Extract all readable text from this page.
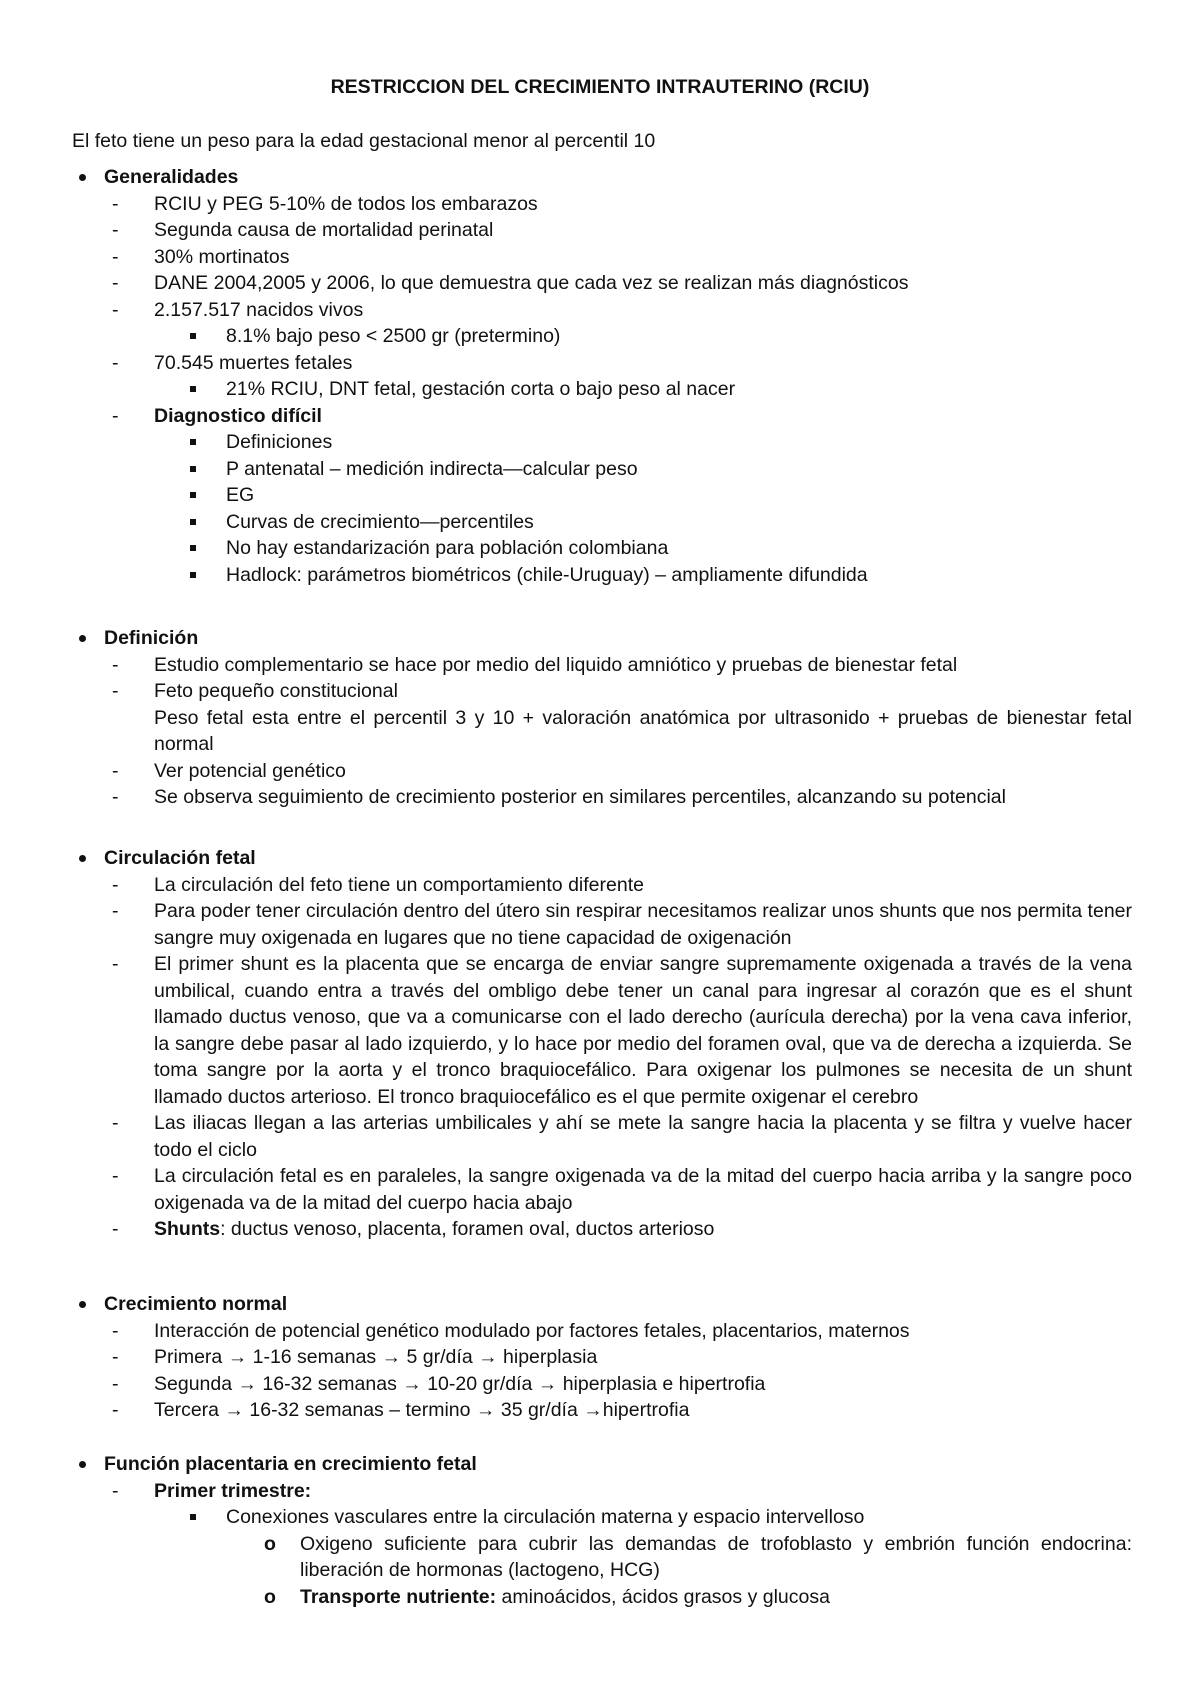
RESTRICCION DEL CRECIMIENTO INTRAUTERINO (RCIU)
El feto tiene un peso para la edad gestacional menor al percentil 10
Generalidades
- RCIU y PEG 5-10% de todos los embarazos
- Segunda causa de mortalidad perinatal
- 30% mortinatos
- DANE 2004,2005 y 2006, lo que demuestra que cada vez se realizan más diagnósticos
- 2.157.517 nacidos vivos
8.1% bajo peso < 2500 gr (pretermino)
- 70.545 muertes fetales
21% RCIU, DNT fetal, gestación corta o bajo peso al nacer
- Diagnostico difícil
Definiciones
P antenatal – medición indirecta—calcular peso
EG
Curvas de crecimiento—percentiles
No hay estandarización para población colombiana
Hadlock: parámetros biométricos (chile-Uruguay) – ampliamente difundida
Definición
- Estudio complementario se hace por medio del liquido amniótico y pruebas de bienestar fetal
- Feto pequeño constitucional
Peso fetal esta entre el percentil 3 y 10 + valoración anatómica por ultrasonido + pruebas de bienestar fetal normal
- Ver potencial genético
- Se observa seguimiento de crecimiento posterior en similares percentiles, alcanzando su potencial
Circulación fetal
- La circulación del feto tiene un comportamiento diferente
- Para poder tener circulación dentro del útero sin respirar necesitamos realizar unos shunts que nos permita tener sangre muy oxigenada en lugares que no tiene capacidad de oxigenación
- El primer shunt es la placenta que se encarga de enviar sangre supremamente oxigenada a través de la vena umbilical, cuando entra a través del ombligo debe tener un canal para ingresar al corazón que es el shunt llamado ductus venoso, que va a comunicarse con el lado derecho (aurícula derecha) por la vena cava inferior, la sangre debe pasar al lado izquierdo, y lo hace por medio del foramen oval, que va de derecha a izquierda. Se toma sangre por la aorta y el tronco braquiocefálico. Para oxigenar los pulmones se necesita de un shunt llamado ductos arterioso. El tronco braquiocefálico es el que permite oxigenar el cerebro
- Las iliacas llegan a las arterias umbilicales y ahí se mete la sangre hacia la placenta y se filtra y vuelve hacer todo el ciclo
- La circulación fetal es en paraleles, la sangre oxigenada va de la mitad del cuerpo hacia arriba y la sangre poco oxigenada va de la mitad del cuerpo hacia abajo
- Shunts: ductus venoso, placenta, foramen oval, ductos arterioso
Crecimiento normal
- Interacción de potencial genético modulado por factores fetales, placentarios, maternos
- Primera → 1-16 semanas → 5 gr/día → hiperplasia
- Segunda → 16-32 semanas → 10-20 gr/día → hiperplasia e hipertrofia
- Tercera → 16-32 semanas – termino → 35 gr/día →hipertrofia
Función placentaria en crecimiento fetal
- Primer trimestre:
Conexiones vasculares entre la circulación materna y espacio intervelloso
o Oxigeno suficiente para cubrir las demandas de trofoblasto y embrión función endocrina: liberación de hormonas (lactogeno, HCG)
o Transporte nutriente: aminoácidos, ácidos grasos y glucosa
